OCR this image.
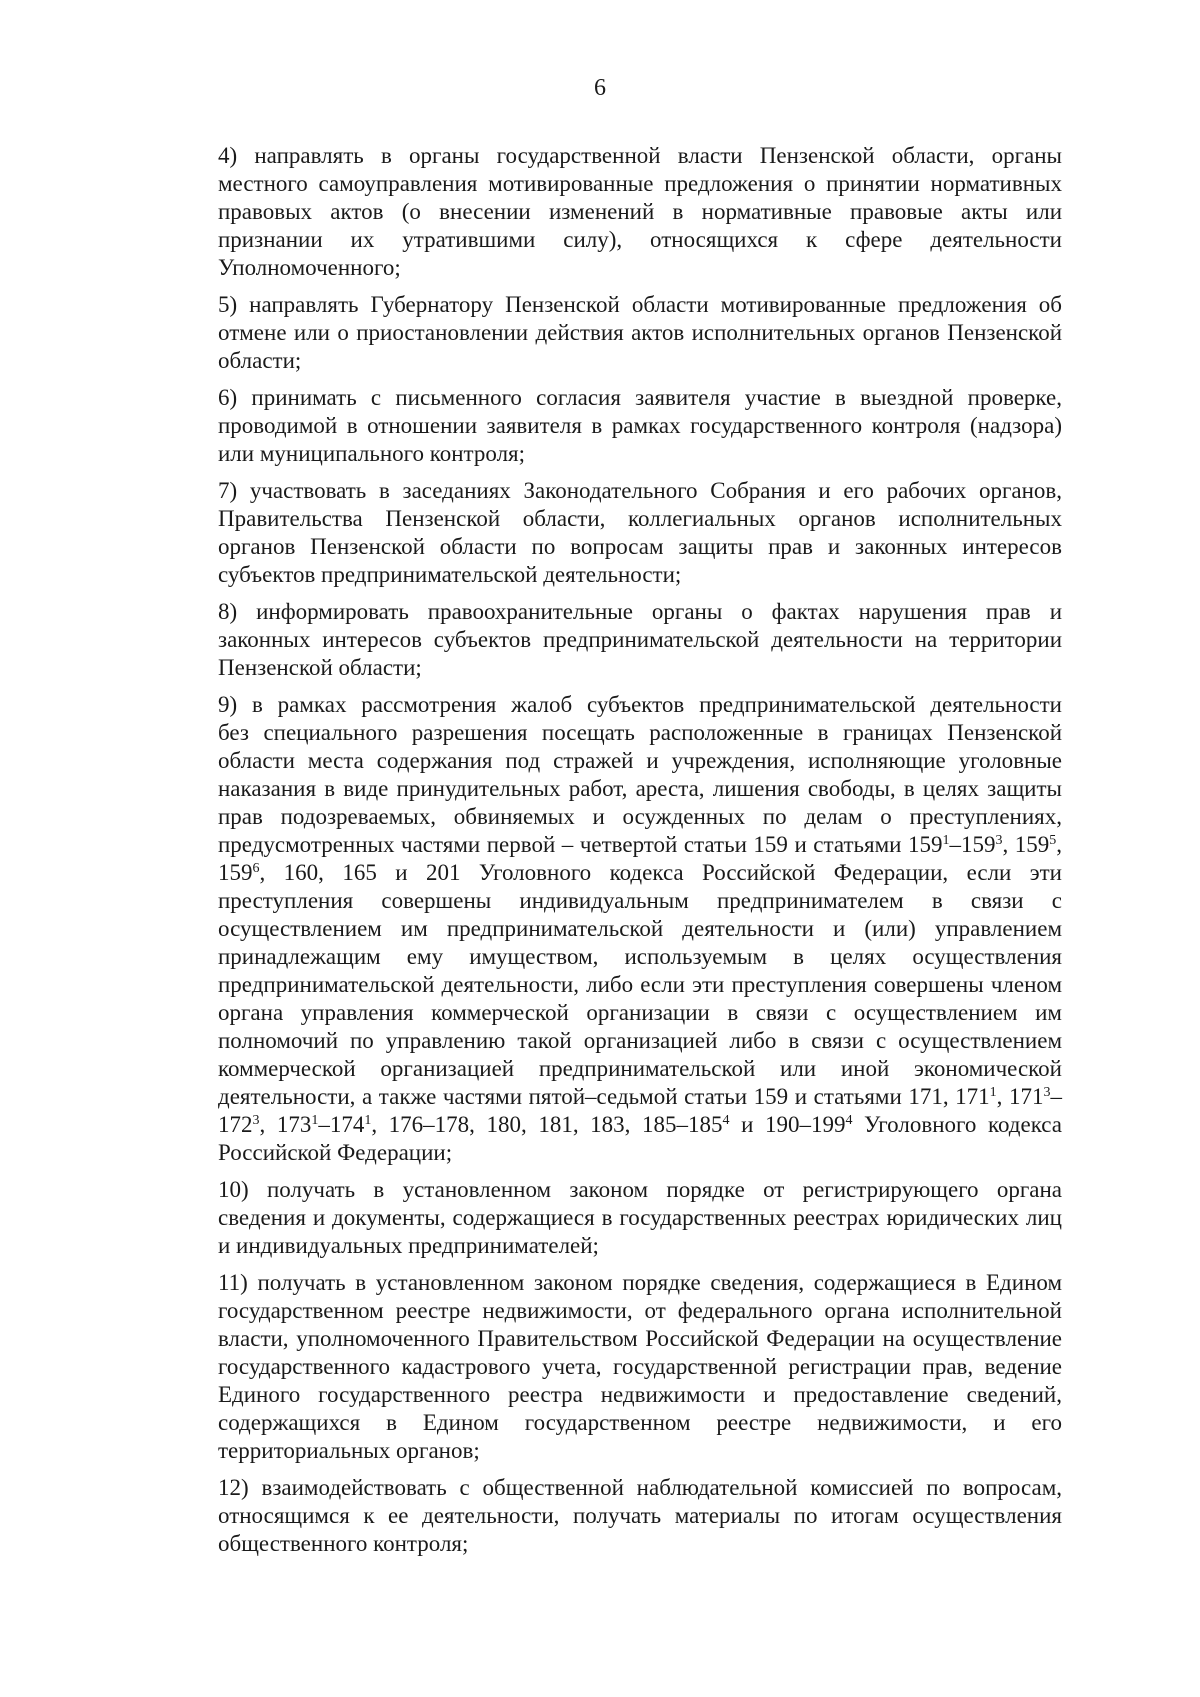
6

4) направлять в органы государственной власти Пензенской области, органы
местного самоуправления мотивированные предложения о принятии нормативных
правовых актов (о внесении изменений в нормативные правовые акты или
признании их утратившими силу), относящихся к сфере деятельности
Уполномоченного;

5) направлять Губернатору Пензенской области мотивированные предложения об
отмене или о приостановлении действия актов исполнительных органов Пензенской
области;

6) принимать с письменного согласия заявителя участие в выездной проверке,
проводимой в отношении заявителя в рамках государственного контроля (надзора)
или муниципального контроля;

7) участвовать в заседаниях Законодательного Собрания и его рабочих органов,
Правительства Пензенской области, коллегиальных органов исполнительных
органов Пензенской области по вопросам защиты прав и законных интересов
субъектов предпринимательской деятельности;

8) информировать правоохранительные органы о фактах нарушения прав и
законных интересов субъектов предпринимательской деятельности на территории
Пензенской области;

9) в рамках рассмотрения жалоб субъектов предпринимательской деятельности
без специального разрешения посещать расположенные в границах Пензенской
области места содержания под стражей и учреждения, исполняющие уголовные
наказания в виде принудительных работ, ареста, лишения свободы, в целях защиты
прав подозреваемых, обвиняемых и осужденных по делам о преступлениях,
предусмотренных частями первой – четвертой статьи 159 и статьями $159^1-159^3$, $159^5$,
$159^6$, 160, 165 и 201 Уголовного кодекса Российской Федерации, если эти
преступления совершены индивидуальным предпринимателем в связи с
осуществлением им предпринимательской деятельности и (или) управлением
принадлежащим ему имуществом, используемым в целях осуществления
предпринимательской деятельности, либо если эти преступления совершены членом
органа управления коммерческой организации в связи с осуществлением им
полномочий по управлению такой организацией либо в связи с осуществлением
коммерческой организацией предпринимательской или иной экономической
деятельности, а также частями пятой–седьмой статьи 159 и статьями 171, $171^1$, $171^3-$
$172^3$, $173^1-174^1$, 176–178, 180, 181, 183, $185-185^4$ и $190-199^4$ Уголовного кодекса
Российской Федерации;

10) получать в установленном законом порядке от регистрирующего органа
сведения и документы, содержащиеся в государственных реестрах юридических лиц
и индивидуальных предпринимателей;

11) получать в установленном законом порядке сведения, содержащиеся в Едином
государственном реестре недвижимости, от федерального органа исполнительной
власти, уполномоченного Правительством Российской Федерации на осуществление
государственного кадастрового учета, государственной регистрации прав, ведение
Единого государственного реестра недвижимости и предоставление сведений,
содержащихся в Едином государственном реестре недвижимости, и его
территориальных органов;

12) взаимодействовать с общественной наблюдательной комиссией по вопросам,
относящимся к ее деятельности, получать материалы по итогам осуществления
общественного контроля;
